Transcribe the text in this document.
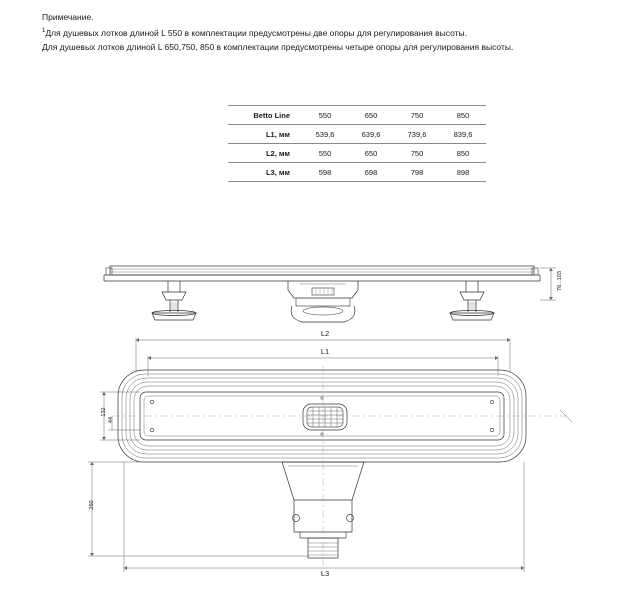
Примечание.
$^1$Для душевых лотков длиной L 550 в комплектации предусмотрены две опоры для регулирования высоты.
Для душевых лотков длиной L 650,750, 850 в комплектации предусмотрены четыре опоры для регулирования высоты.
Betto Line	550	650	750	850
L1, мм	539,6	639,6	739,6	839,6
L2, мм	550	650	750	850
L3, мм	598	698	798	898
L2
L1
L3
76...103
132
44
260
